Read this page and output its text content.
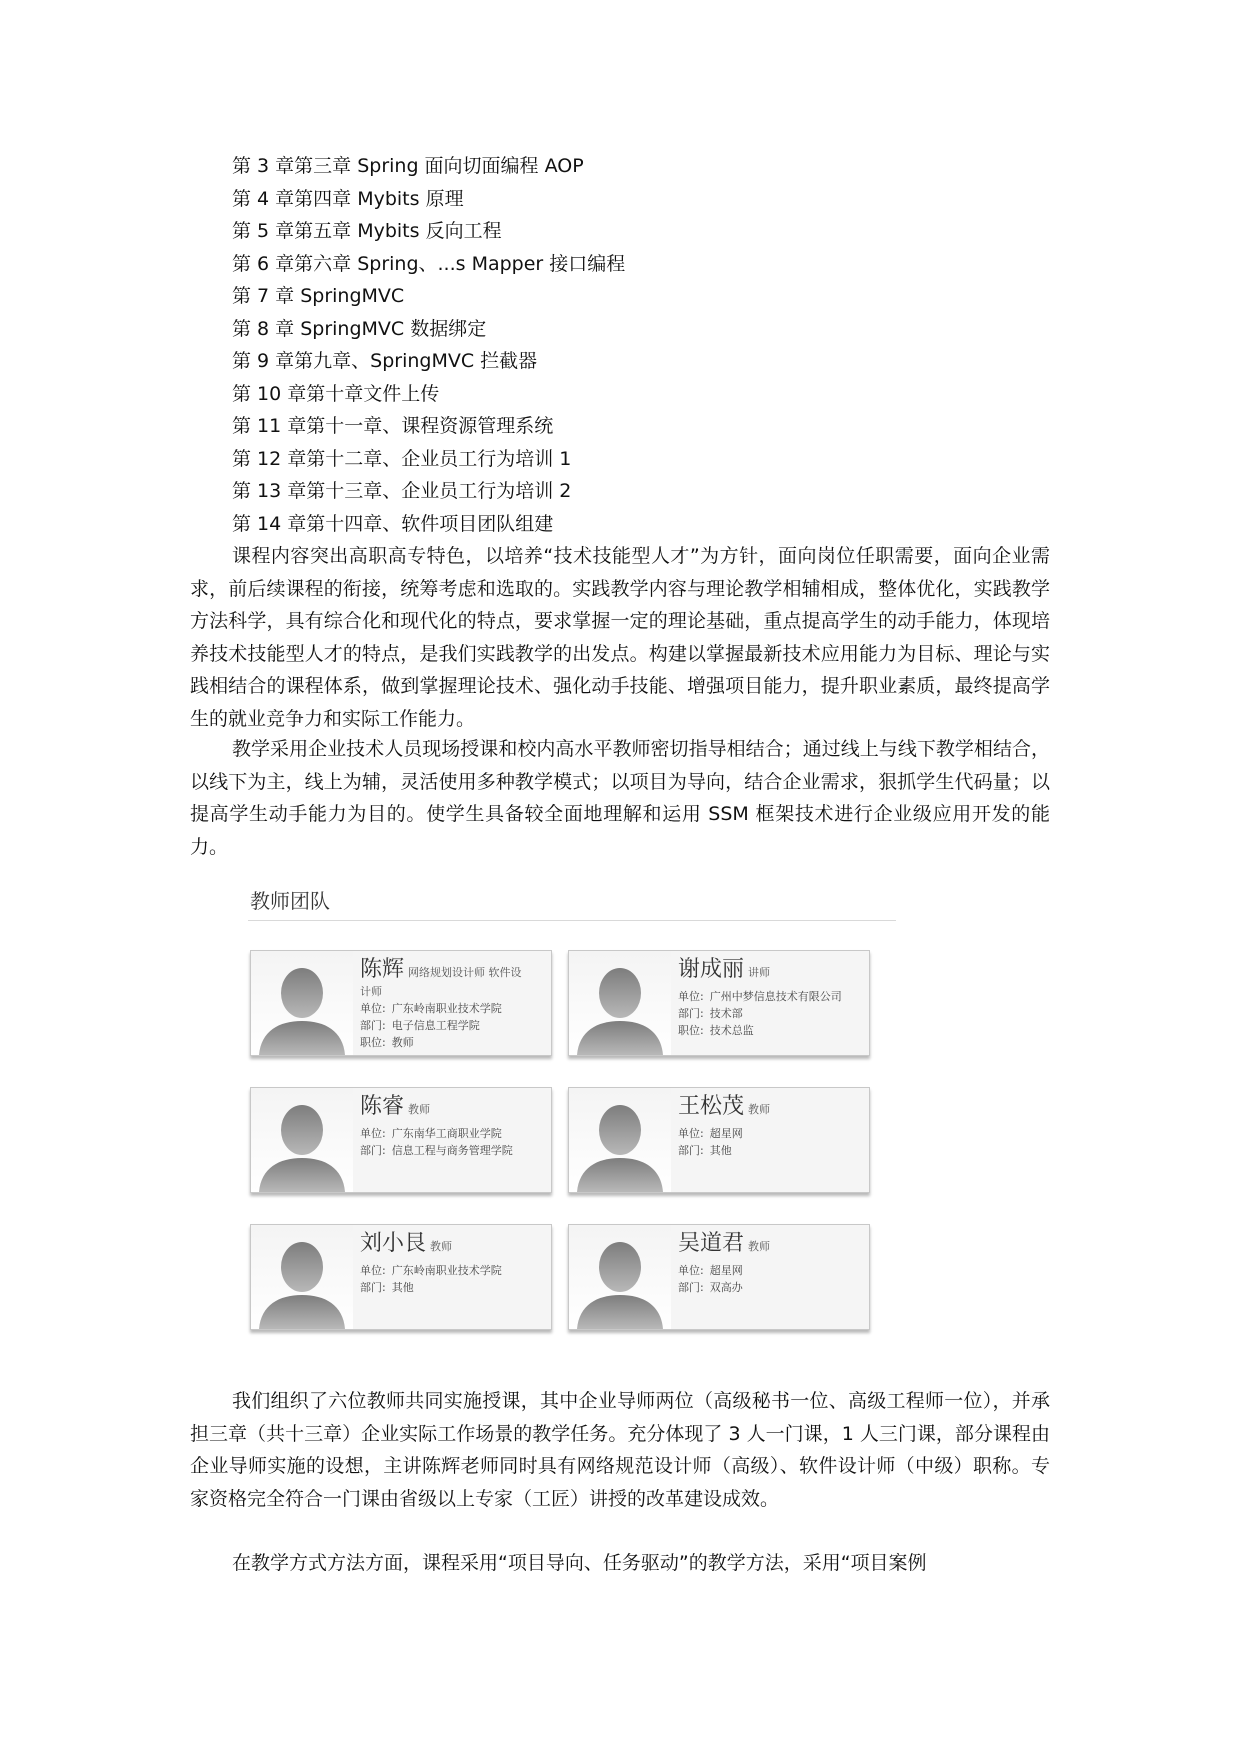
第 3 章第三章 Spring 面向切面编程 AOP
第 4 章第四章 Mybits 原理
第 5 章第五章 Mybits 反向工程
第 6 章第六章 Spring、...s Mapper 接口编程
第 7 章 SpringMVC
第 8 章 SpringMVC 数据绑定
第 9 章第九章、SpringMVC 拦截器
第 10 章第十章文件上传
第 11 章第十一章、课程资源管理系统
第 12 章第十二章、企业员工行为培训 1
第 13 章第十三章、企业员工行为培训 2
第 14 章第十四章、软件项目团队组建

课程内容突出高职高专特色，以培养“技术技能型人才”为方针，面向岗位任职需要，面向企业需求，前后续课程的衔接，统筹考虑和选取的。实践教学内容与理论教学相辅相成，整体优化，实践教学方法科学，具有综合化和现代化的特点，要求掌握一定的理论基础，重点提高学生的动手能力，体现培养技术技能型人才的特点，是我们实践教学的出发点。构建以掌握最新技术应用能力为目标、理论与实践相结合的课程体系，做到掌握理论技术、强化动手技能、增强项目能力，提升职业素质，最终提高学生的就业竞争力和实际工作能力。

教学采用企业技术人员现场授课和校内高水平教师密切指导相结合；通过线上与线下教学相结合，以线下为主，线上为辅，灵活使用多种教学模式；以项目为导向，结合企业需求，狠抓学生代码量；以提高学生动手能力为目的。使学生具备较全面地理解和运用 SSM 框架技术进行企业级应用开发的能力。

教师团队
陈辉 网络规划设计师 软件设
计师
单位: 广东岭南职业技术学院
部门: 电子信息工程学院
职位: 教师
谢成丽 讲师
单位: 广州中梦信息技术有限公司
部门: 技术部
职位: 技术总监
陈睿 教师
单位: 广东南华工商职业学院
部门: 信息工程与商务管理学院
王松茂 教师
单位: 超星网
部门: 其他
刘小艮 教师
单位: 广东岭南职业技术学院
部门: 其他
吴道君 教师
单位: 超星网
部门: 双高办

我们组织了六位教师共同实施授课，其中企业导师两位（高级秘书一位、高级工程师一位），并承担三章（共十三章）企业实际工作场景的教学任务。充分体现了 3 人一门课，1 人三门课，部分课程由企业导师实施的设想，主讲陈辉老师同时具有网络规范设计师（高级）、软件设计师（中级）职称。专家资格完全符合一门课由省级以上专家（工匠）讲授的改革建设成效。

在教学方式方法方面，课程采用“项目导向、任务驱动”的教学方法，采用“项目案例
